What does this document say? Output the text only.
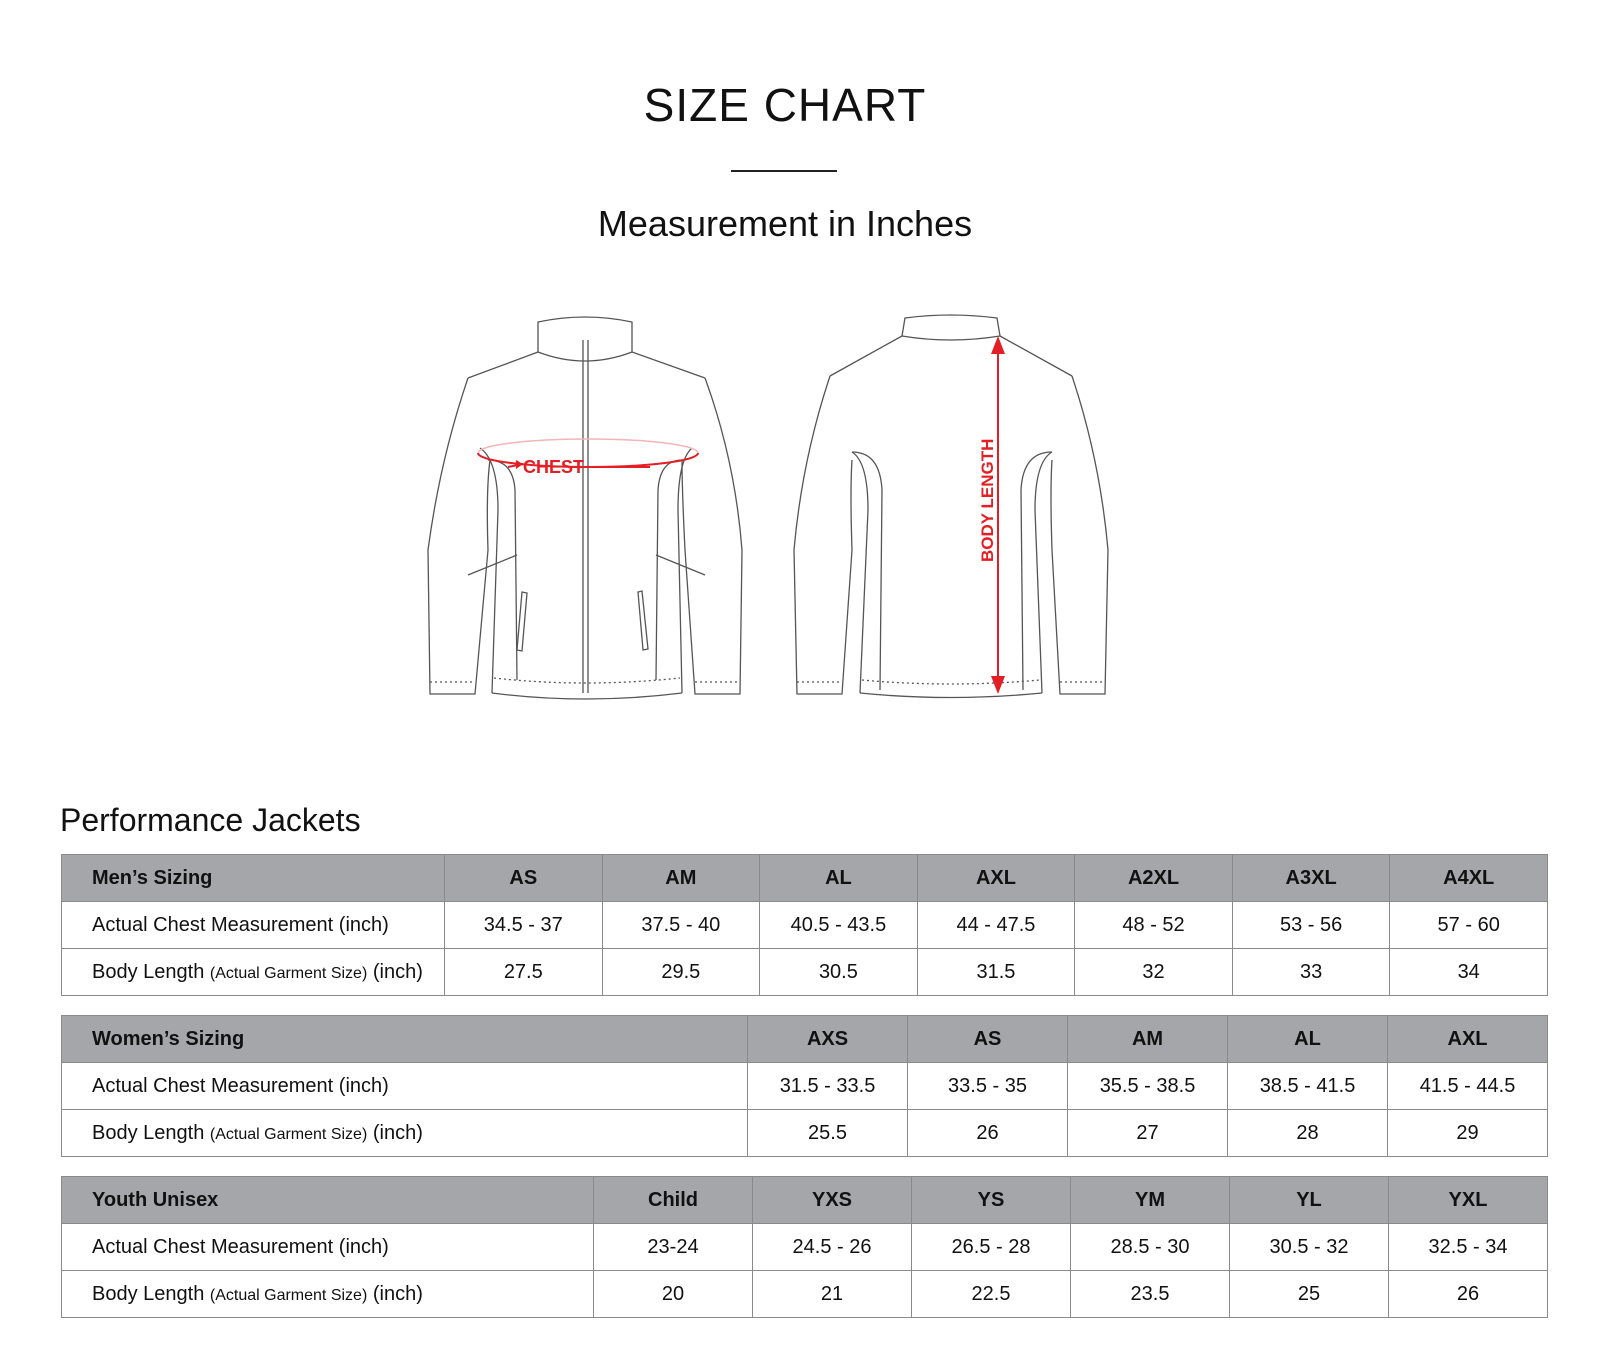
SIZE CHART
Measurement in Inches
CHEST	BODY LENGTH
Performance Jackets
Men’s Sizing	AS	AM	AL	AXL	A2XL	A3XL	A4XL
Actual Chest Measurement (inch)	34.5 - 37	37.5 - 40	40.5 - 43.5	44 - 47.5	48 - 52	53 - 56	57 - 60
Body Length (Actual Garment Size) (inch)	27.5	29.5	30.5	31.5	32	33	34
Women’s Sizing	AXS	AS	AM	AL	AXL
Actual Chest Measurement (inch)	31.5 - 33.5	33.5 - 35	35.5 - 38.5	38.5 - 41.5	41.5 - 44.5
Body Length (Actual Garment Size) (inch)	25.5	26	27	28	29
Youth Unisex	Child	YXS	YS	YM	YL	YXL
Actual Chest Measurement (inch)	23-24	24.5 - 26	26.5 - 28	28.5 - 30	30.5 - 32	32.5 - 34
Body Length (Actual Garment Size) (inch)	20	21	22.5	23.5	25	26
